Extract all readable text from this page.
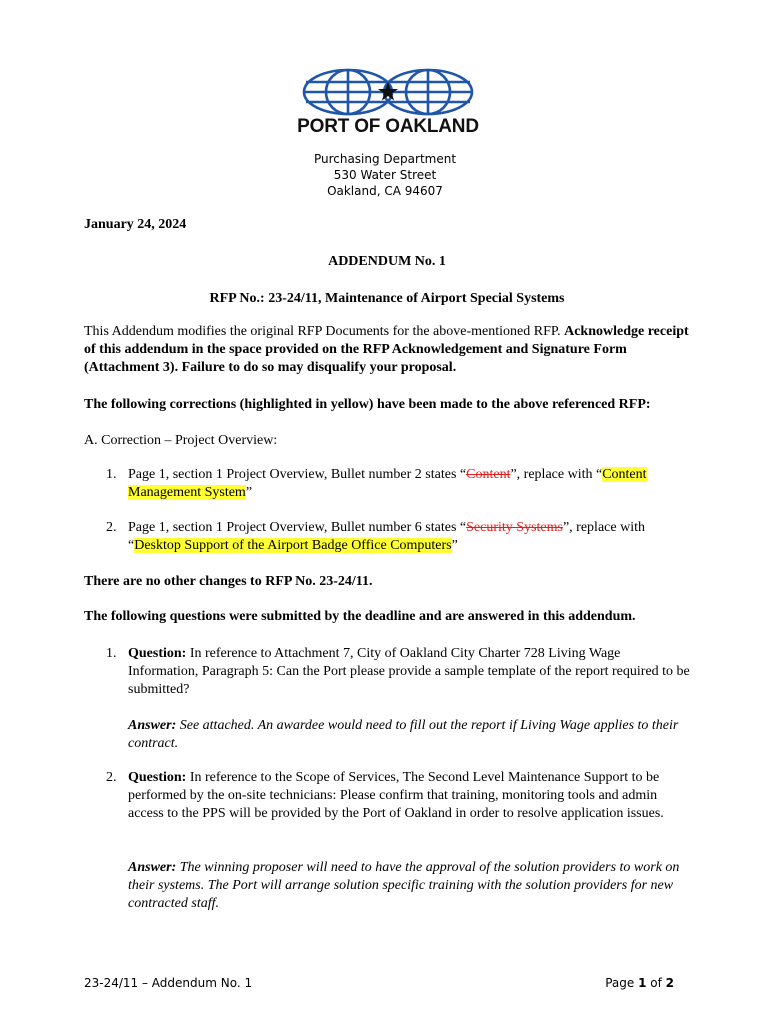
PORT OF OAKLAND
Purchasing Department
530 Water Street
Oakland, CA 94607
January 24, 2024
ADDENDUM No. 1
RFP No.: 23-24/11, Maintenance of Airport Special Systems
This Addendum modifies the original RFP Documents for the above-mentioned RFP. Acknowledge receipt of this addendum in the space provided on the RFP Acknowledgement and Signature Form (Attachment 3). Failure to do so may disqualify your proposal.
The following corrections (highlighted in yellow) have been made to the above referenced RFP:
A. Correction – Project Overview:
1. Page 1, section 1 Project Overview, Bullet number 2 states “Content”, replace with “Content Management System”
2. Page 1, section 1 Project Overview, Bullet number 6 states “Security Systems”, replace with “Desktop Support of the Airport Badge Office Computers”
There are no other changes to RFP No. 23-24/11.
The following questions were submitted by the deadline and are answered in this addendum.
1. Question: In reference to Attachment 7, City of Oakland City Charter 728 Living Wage Information, Paragraph 5: Can the Port please provide a sample template of the report required to be submitted?
Answer: See attached. An awardee would need to fill out the report if Living Wage applies to their contract.
2. Question: In reference to the Scope of Services, The Second Level Maintenance Support to be performed by the on-site technicians: Please confirm that training, monitoring tools and admin access to the PPS will be provided by the Port of Oakland in order to resolve application issues.
Answer: The winning proposer will need to have the approval of the solution providers to work on their systems. The Port will arrange solution specific training with the solution providers for new contracted staff.
23-24/11 – Addendum No. 1	Page 1 of 2
